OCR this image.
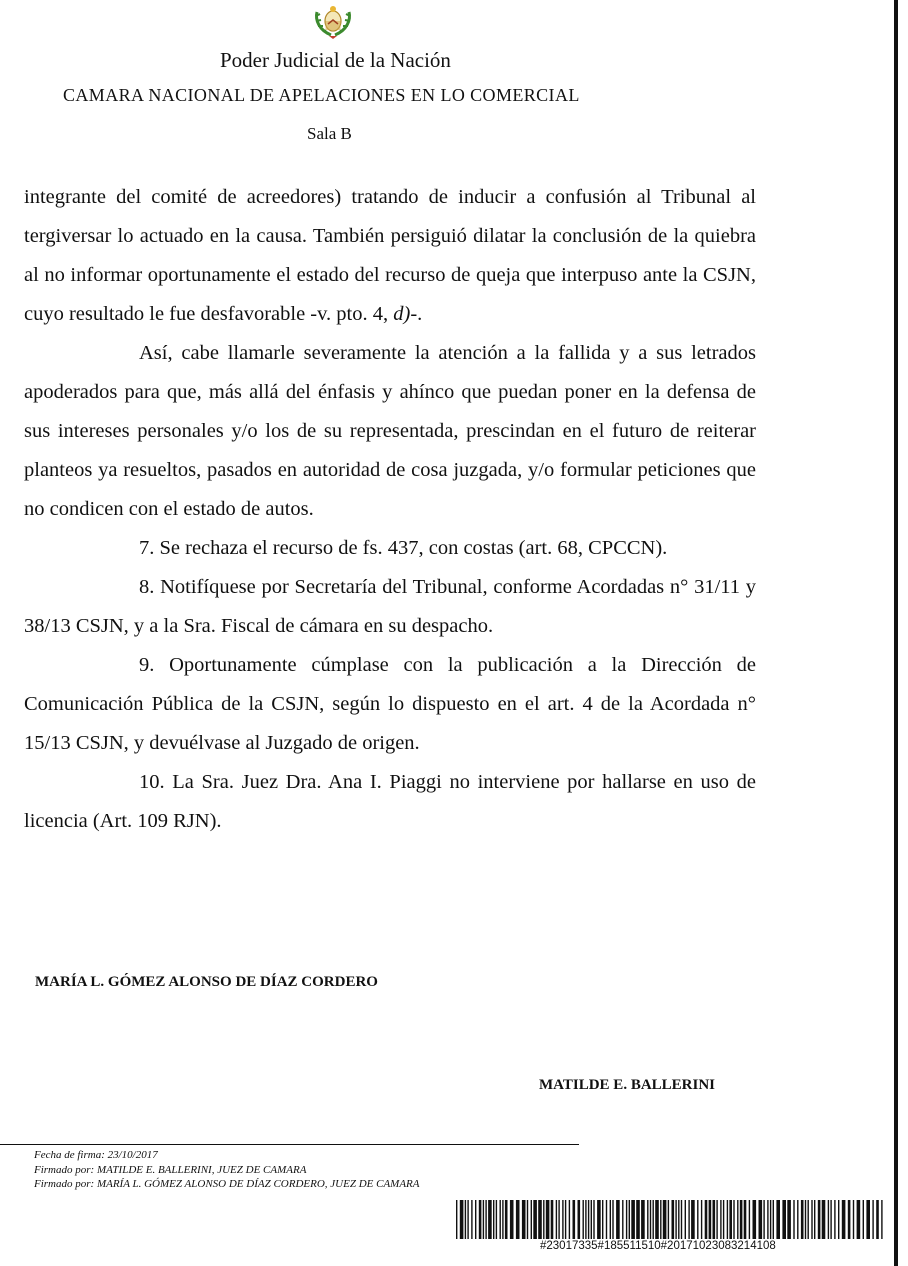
Poder Judicial de la Nación
CAMARA NACIONAL DE APELACIONES EN LO COMERCIAL
Sala B

integrante del comité de acreedores) tratando de inducir a confusión al Tribunal al tergiversar lo actuado en la causa. También persiguió dilatar la conclusión de la quiebra al no informar oportunamente el estado del recurso de queja que interpuso ante la CSJN, cuyo resultado le fue desfavorable -v. pto. 4, d)-.

Así, cabe llamarle severamente la atención a la fallida y a sus letrados apoderados para que, más allá del énfasis y ahínco que puedan poner en la defensa de sus intereses personales y/o los de su representada, prescindan en el futuro de reiterar planteos ya resueltos, pasados en autoridad de cosa juzgada, y/o formular peticiones que no condicen con el estado de autos.

7. Se rechaza el recurso de fs. 437, con costas (art. 68, CPCCN).

8. Notifíquese por Secretaría del Tribunal, conforme Acordadas n° 31/11 y 38/13 CSJN, y a la Sra. Fiscal de cámara en su despacho.

9. Oportunamente cúmplase con la publicación a la Dirección de Comunicación Pública de la CSJN, según lo dispuesto en el art. 4 de la Acordada n° 15/13 CSJN, y devuélvase al Juzgado de origen.

10. La Sra. Juez Dra. Ana I. Piaggi no interviene por hallarse en uso de licencia (Art. 109 RJN).

MARÍA L. GÓMEZ ALONSO DE DÍAZ CORDERO
MATILDE E. BALLERINI
Fecha de firma: 23/10/2017
Firmado por: MATILDE E. BALLERINI, JUEZ DE CAMARA
Firmado por: MARÍA L. GÓMEZ ALONSO DE DÍAZ CORDERO, JUEZ DE CAMARA
#23017335#185511510#20171023083214108
